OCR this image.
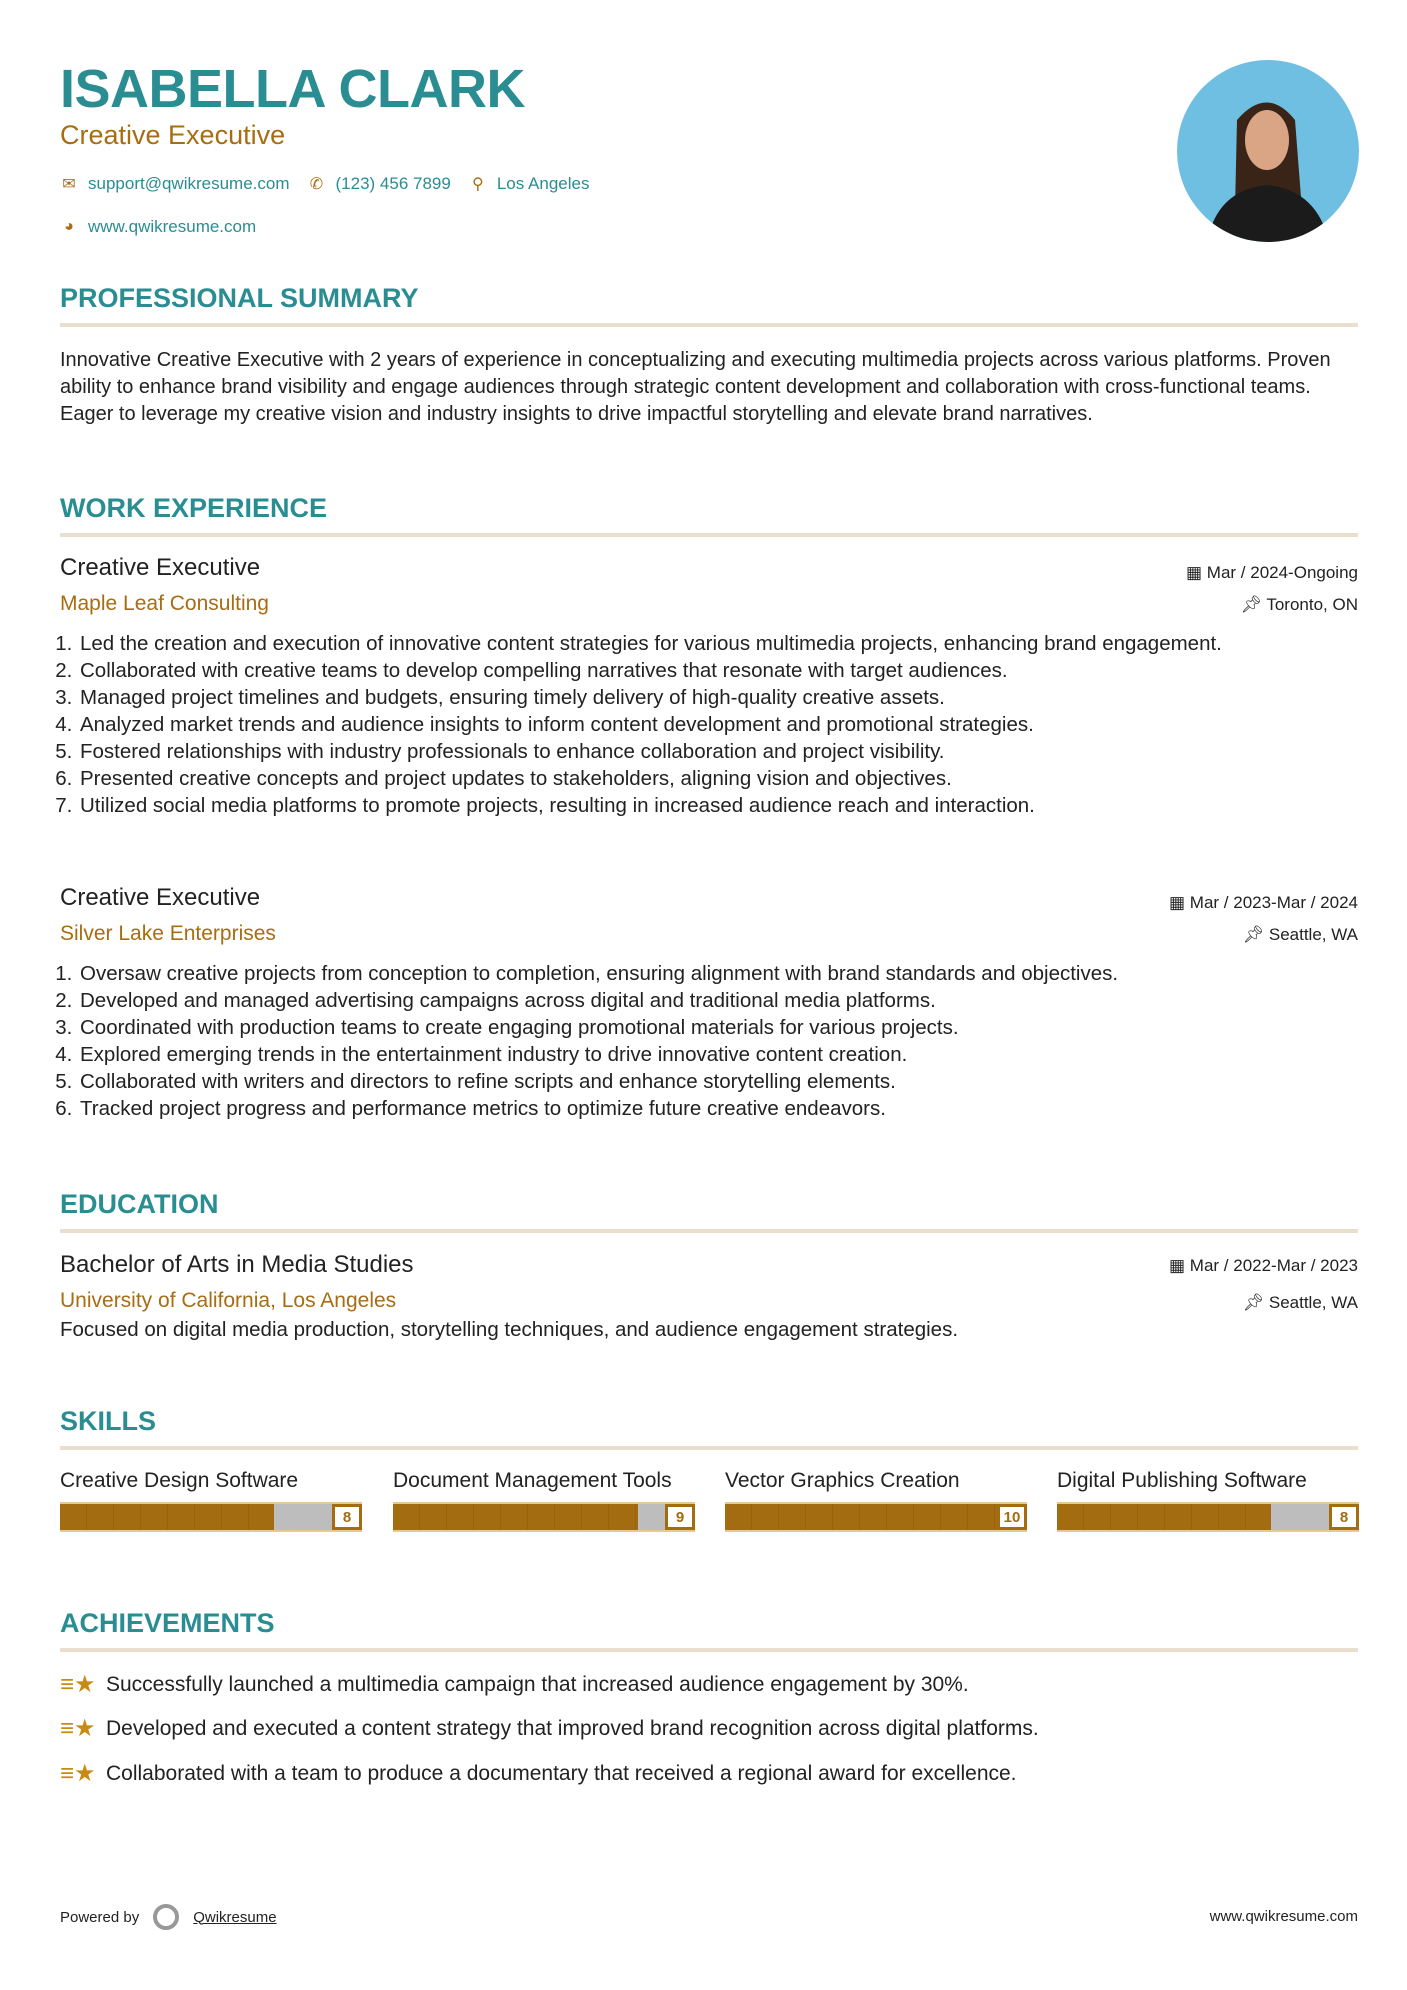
ISABELLA CLARK
Creative Executive
✉ support@qwikresume.com ✆ (123) 456 7899 ⚲ Los Angeles
◕ www.qwikresume.com
PROFESSIONAL SUMMARY
Innovative Creative Executive with 2 years of experience in conceptualizing and executing multimedia projects across various platforms. Proven ability to enhance brand visibility and engage audiences through strategic content development and collaboration with cross-functional teams. Eager to leverage my creative vision and industry insights to drive impactful storytelling and elevate brand narratives.
WORK EXPERIENCE
Creative Executive	▦ Mar / 2024-Ongoing
Maple Leaf Consulting	📌︎ Toronto, ON
1. Led the creation and execution of innovative content strategies for various multimedia projects, enhancing brand engagement.
2. Collaborated with creative teams to develop compelling narratives that resonate with target audiences.
3. Managed project timelines and budgets, ensuring timely delivery of high-quality creative assets.
4. Analyzed market trends and audience insights to inform content development and promotional strategies.
5. Fostered relationships with industry professionals to enhance collaboration and project visibility.
6. Presented creative concepts and project updates to stakeholders, aligning vision and objectives.
7. Utilized social media platforms to promote projects, resulting in increased audience reach and interaction.
Creative Executive	▦ Mar / 2023-Mar / 2024
Silver Lake Enterprises	📌︎ Seattle, WA
1. Oversaw creative projects from conception to completion, ensuring alignment with brand standards and objectives.
2. Developed and managed advertising campaigns across digital and traditional media platforms.
3. Coordinated with production teams to create engaging promotional materials for various projects.
4. Explored emerging trends in the entertainment industry to drive innovative content creation.
5. Collaborated with writers and directors to refine scripts and enhance storytelling elements.
6. Tracked project progress and performance metrics to optimize future creative endeavors.
EDUCATION
Bachelor of Arts in Media Studies	▦ Mar / 2022-Mar / 2023
University of California, Los Angeles	📌︎ Seattle, WA
Focused on digital media production, storytelling techniques, and audience engagement strategies.
SKILLS
Creative Design Software
8
Document Management Tools
9
Vector Graphics Creation
10
Digital Publishing Software
8
ACHIEVEMENTS
≡★ Successfully launched a multimedia campaign that increased audience engagement by 30%.
≡★ Developed and executed a content strategy that improved brand recognition across digital platforms.
≡★ Collaborated with a team to produce a documentary that received a regional award for excellence.
Powered by	Qwikresume	www.qwikresume.com
